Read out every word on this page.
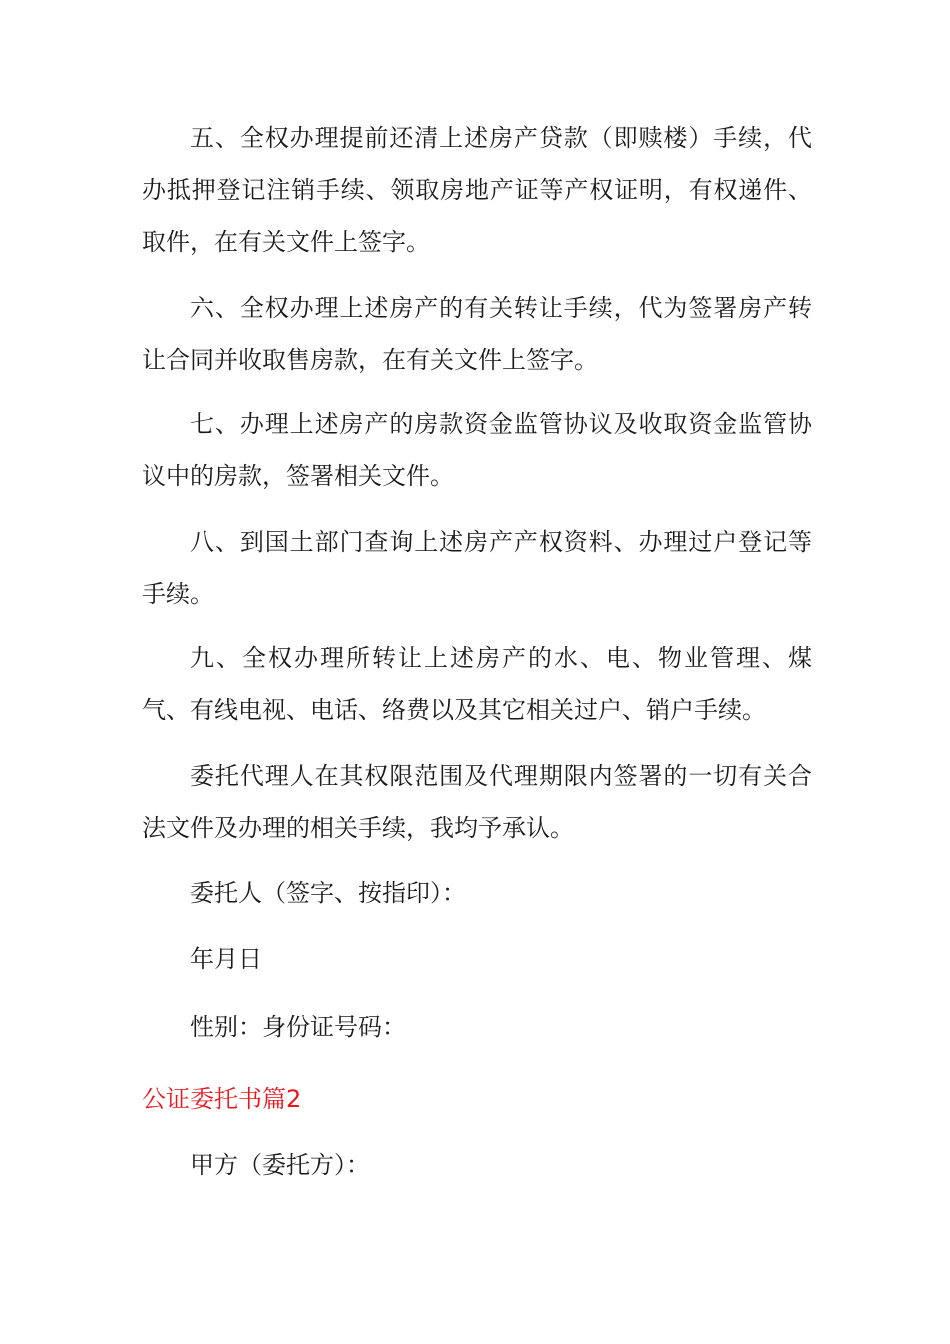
五、全权办理提前还清上述房产贷款（即赎楼）手续，代办抵押登记注销手续、领取房地产证等产权证明，有权递件、取件，在有关文件上签字。

六、全权办理上述房产的有关转让手续，代为签署房产转让合同并收取售房款，在有关文件上签字。

七、办理上述房产的房款资金监管协议及收取资金监管协议中的房款，签署相关文件。

八、到国土部门查询上述房产产权资料、办理过户登记等手续。

九、全权办理所转让上述房产的水、电、物业管理、煤气、有线电视、电话、络费以及其它相关过户、销户手续。

委托代理人在其权限范围及代理期限内签署的一切有关合法文件及办理的相关手续，我均予承认。

委托人（签字、按指印）：

年月日

性别：身份证号码：

公证委托书篇2

甲方（委托方）：
